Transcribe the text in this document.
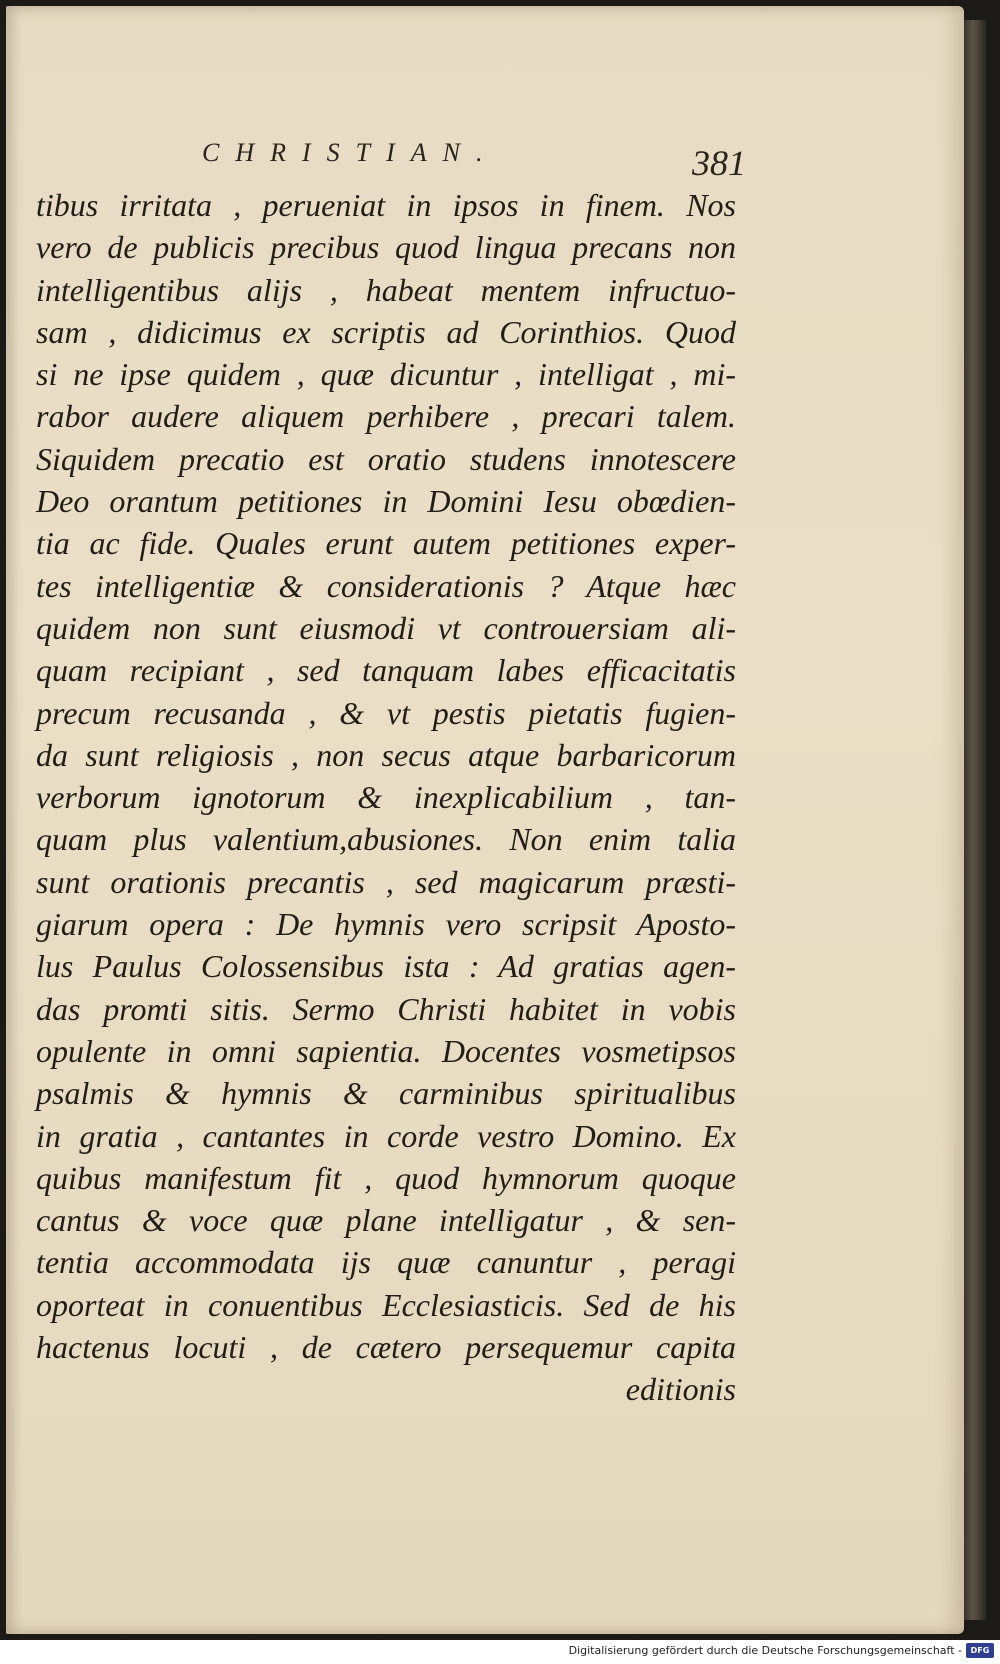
CHRISTIAN.	381
tibus irritata , perueniat in ipsos in finem. Nos
vero de publicis precibus quod lingua precans non
intelligentibus alijs , habeat mentem infructuo-
sam , didicimus ex scriptis ad Corinthios. Quod
si ne ipse quidem , quæ dicuntur , intelligat , mi-
rabor audere aliquem perhibere , precari talem.
Siquidem precatio est oratio studens innotescere
Deo orantum petitiones in Domini Iesu obœdien-
tia ac fide. Quales erunt autem petitiones exper-
tes intelligentiæ & considerationis ? Atque hæc
quidem non sunt eiusmodi vt controuersiam ali-
quam recipiant , sed tanquam labes efficacitatis
precum recusanda , & vt pestis pietatis fugien-
da sunt religiosis , non secus atque barbaricorum
verborum ignotorum & inexplicabilium , tan-
quam plus valentium,abusiones. Non enim talia
sunt orationis precantis , sed magicarum præsti-
giarum opera : De hymnis vero scripsit Aposto-
lus Paulus Colossensibus ista : Ad gratias agen-
das promti sitis. Sermo Christi habitet in vobis
opulente in omni sapientia. Docentes vosmetipsos
psalmis & hymnis & carminibus spiritualibus
in gratia , cantantes in corde vestro Domino. Ex
quibus manifestum fit , quod hymnorum quoque
cantus & voce quæ plane intelligatur , & sen-
tentia accommodata ijs quæ canuntur , peragi
oporteat in conuentibus Ecclesiasticis. Sed de his
hactenus locuti , de cætero persequemur capita
editionis
Digitalisierung gefördert durch die Deutsche Forschungsgemeinschaft -	DFG
